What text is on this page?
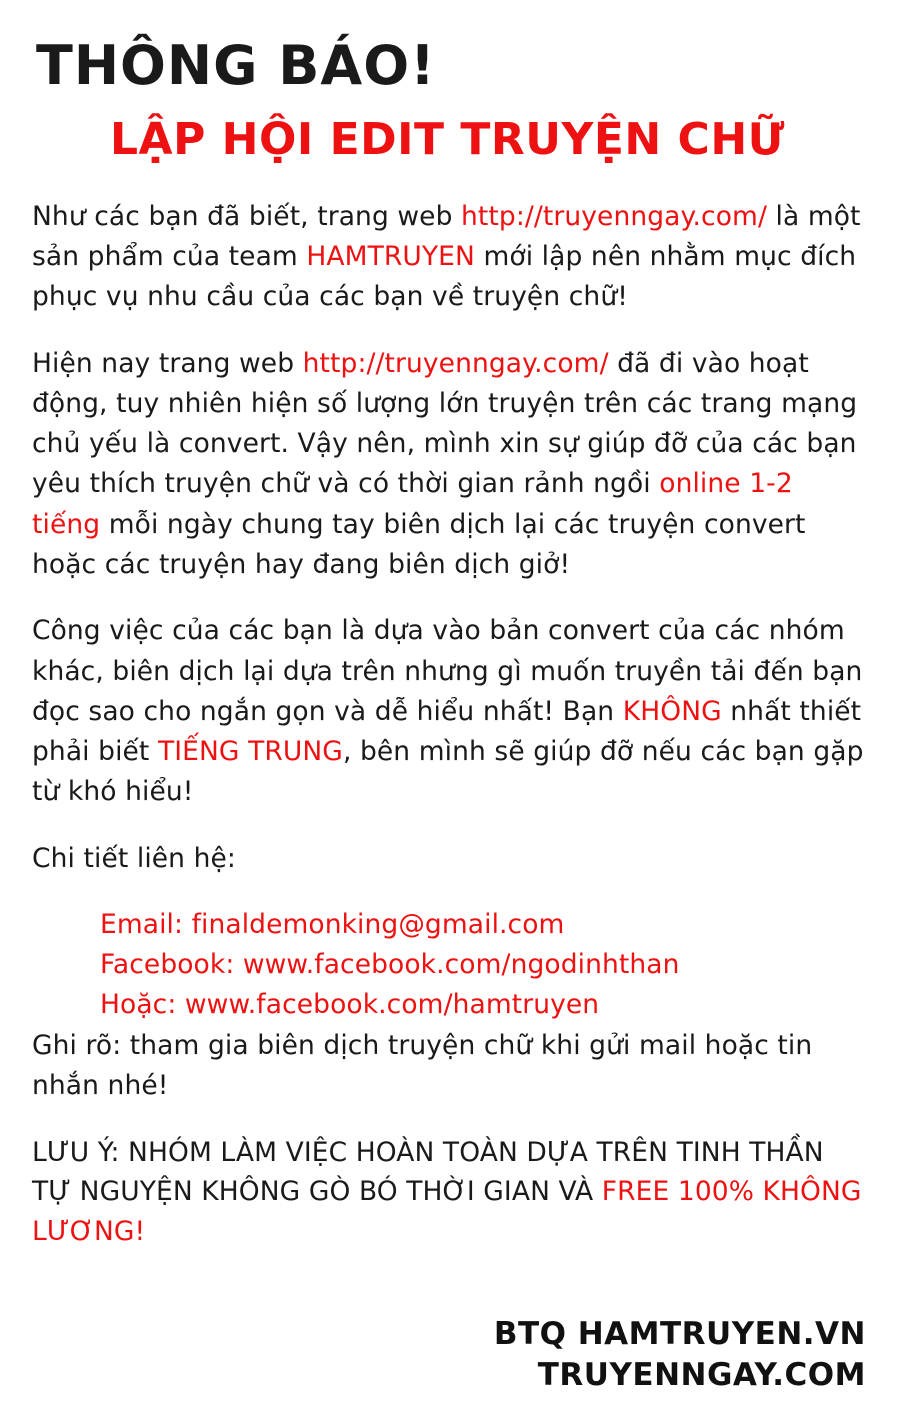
THÔNG BÁO!
LẬP HỘI EDIT TRUYỆN CHỮ

Như các bạn đã biết, trang web http://truyenngay.com/ là một sản phẩm của team HAMTRUYEN mới lập nên nhằm mục đích phục vụ nhu cầu của các bạn về truyện chữ!

Hiện nay trang web http://truyenngay.com/ đã đi vào hoạt động, tuy nhiên hiện số lượng lớn truyện trên các trang mạng chủ yếu là convert. Vậy nên, mình xin sự giúp đỡ của các bạn yêu thích truyện chữ và có thời gian rảnh ngồi online 1-2 tiếng mỗi ngày chung tay biên dịch lại các truyện convert hoặc các truyện hay đang biên dịch giở!

Công việc của các bạn là dựa vào bản convert của các nhóm khác, biên dịch lại dựa trên nhưng gì muốn truyền tải đến bạn đọc sao cho ngắn gọn và dễ hiểu nhất! Bạn KHÔNG nhất thiết phải biết TIẾNG TRUNG, bên mình sẽ giúp đỡ nếu các bạn gặp từ khó hiểu!

Chi tiết liên hệ:

Email: finaldemonking@gmail.com
Facebook: www.facebook.com/ngodinhthan
Hoặc: www.facebook.com/hamtruyen
Ghi rõ: tham gia biên dịch truyện chữ khi gửi mail hoặc tin nhắn nhé!

LƯU Ý: NHÓM LÀM VIỆC HOÀN TOÀN DỰA TRÊN TINH THẦN TỰ NGUYỆN KHÔNG GÒ BÓ THỜI GIAN VÀ FREE 100% KHÔNG LƯƠNG!

BTQ HAMTRUYEN.VN
TRUYENNGAY.COM
